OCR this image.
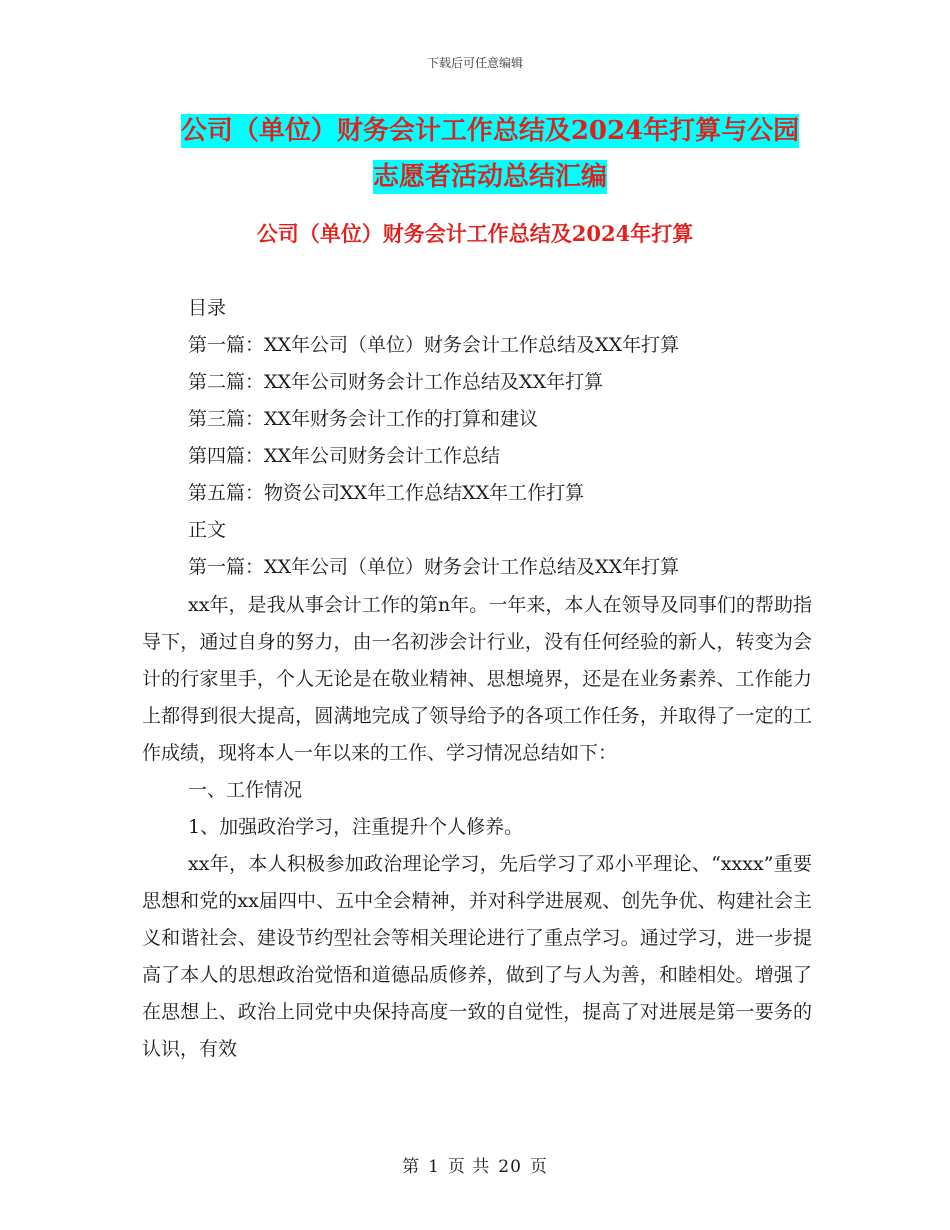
下载后可任意编辑
公司（单位）财务会计工作总结及2024年打算与公园
志愿者活动总结汇编
公司（单位）财务会计工作总结及2024年打算
目录
第一篇：XX年公司（单位）财务会计工作总结及XX年打算
第二篇：XX年公司财务会计工作总结及XX年打算
第三篇：XX年财务会计工作的打算和建议
第四篇：XX年公司财务会计工作总结
第五篇：物资公司XX年工作总结XX年工作打算
正文
第一篇：XX年公司（单位）财务会计工作总结及XX年打算

xx年，是我从事会计工作的第n年。一年来，本人在领导及同事们的帮助指导下，通过自身的努力，由一名初涉会计行业，没有任何经验的新人，转变为会计的行家里手，个人无论是在敬业精神、思想境界，还是在业务素养、工作能力上都得到很大提高，圆满地完成了领导给予的各项工作任务，并取得了一定的工作成绩，现将本人一年以来的工作、学习情况总结如下：

一、工作情况

1、加强政治学习，注重提升个人修养。

xx年，本人积极参加政治理论学习，先后学习了邓小平理论、“xxxx”重要思想和党的xx届四中、五中全会精神，并对科学进展观、创先争优、构建社会主义和谐社会、建设节约型社会等相关理论进行了重点学习。通过学习，进一步提高了本人的思想政治觉悟和道德品质修养，做到了与人为善，和睦相处。增强了在思想上、政治上同党中央保持高度一致的自觉性，提高了对进展是第一要务的认识，有效

第 1 页 共 20 页
